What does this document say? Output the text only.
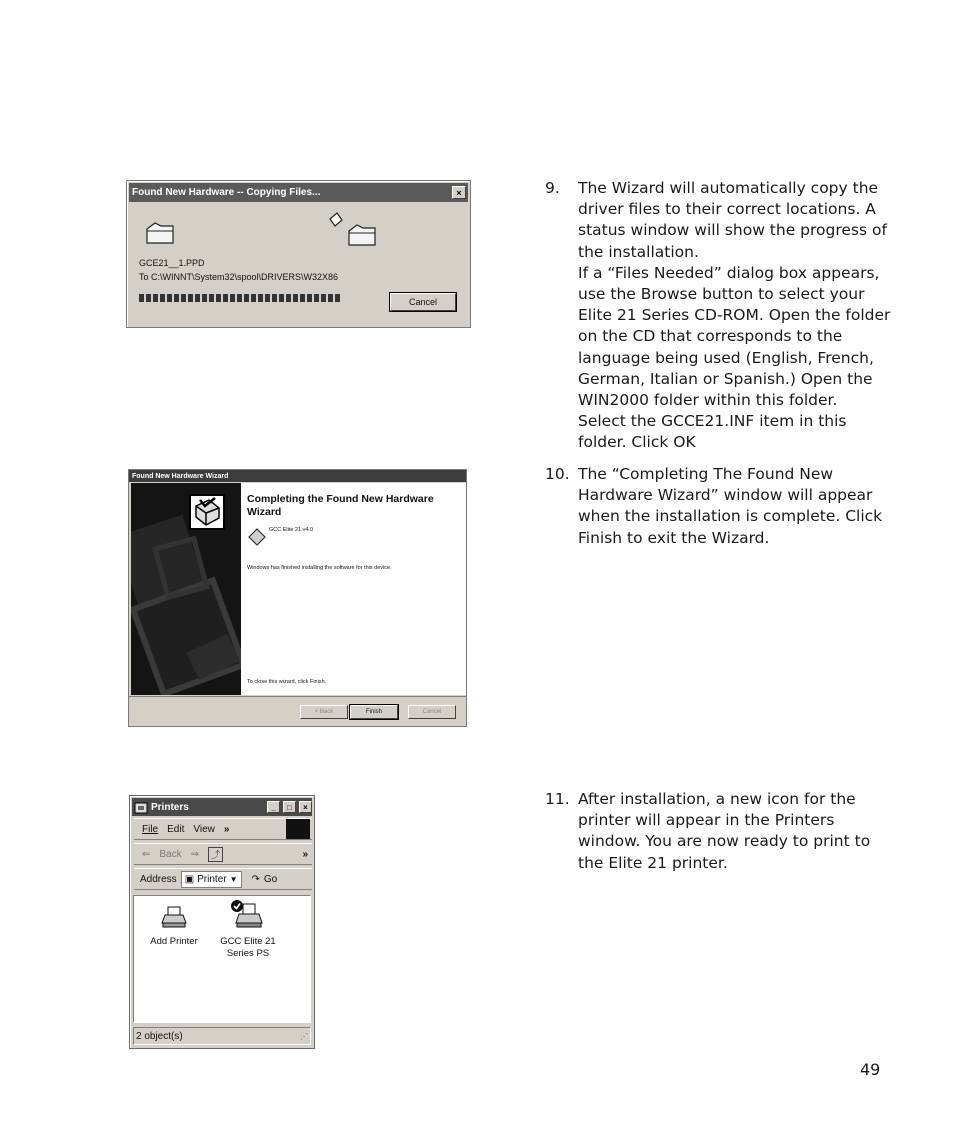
Found New Hardware -- Copying Files...	×
GCE21__1.PPD
To C:\WINNT\System32\spool\DRIVERS\W32X86
Cancel
Found New Hardware Wizard
Completing the Found New Hardware Wizard
GCC Elite 21 v4.0
Windows has finished installing the software for this device.
To close this wizard, click Finish.
< Back	Finish	Cancel
Printers	_	□	×
File Edit View »
⇐ Back ⇒	⤴	»
Address ▣ Printer ▼ ↷ Go
Add Printer	GCC Elite 21
Series PS
2 object(s)	⋰
9.	The Wizard will automatically copy the
driver files to their correct locations. A
status window will show the progress of
the installation.
If a “Files Needed” dialog box appears,
use the Browse button to select your
Elite 21 Series CD-ROM. Open the folder
on the CD that corresponds to the
language being used (English, French,
German, Italian or Spanish.) Open the
WIN2000 folder within this folder.
Select the GCCE21.INF item in this
folder. Click OK
10. The “Completing The Found New
Hardware Wizard” window will appear
when the installation is complete. Click
Finish to exit the Wizard.
11. After installation, a new icon for the
printer will appear in the Printers
window. You are now ready to print to
the Elite 21 printer.
49
